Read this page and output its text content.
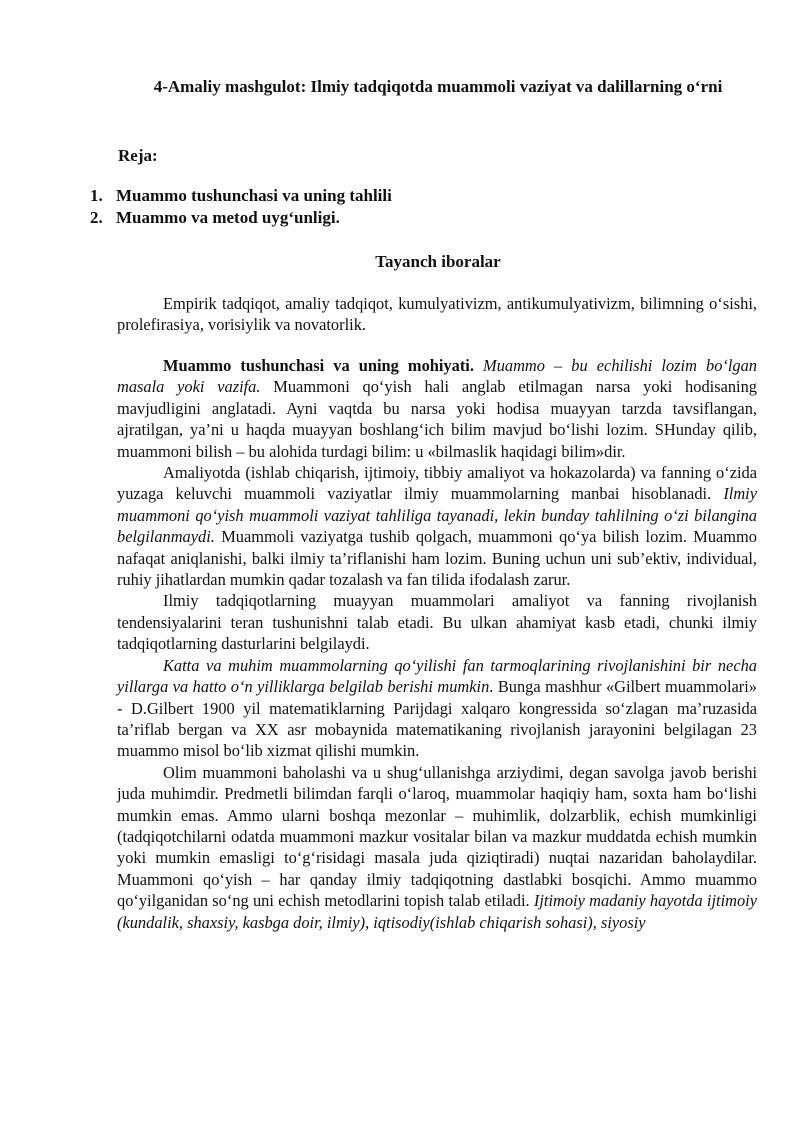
4-Amaliy mashgulot: Ilmiy tadqiqotda muammoli vaziyat va dalillarning o‘rni
Reja:
1. Muammo tushunchasi va uning tahlili
2. Muammo va metod uyg‘unligi.
Tayanch iboralar

Empirik tadqiqot, amaliy tadqiqot, kumulyativizm, antikumulyativizm, bilimning o‘sishi, prolefirasiya, vorisiylik va novatorlik.

Muammo tushunchasi va uning mohiyati. Muammo – bu echilishi lozim bo‘lgan masala yoki vazifa. Muammoni qo‘yish hali anglab etilmagan narsa yoki hodisaning mavjudligini anglatadi. Ayni vaqtda bu narsa yoki hodisa muayyan tarzda tavsiflangan, ajratilgan, ya’ni u haqda muayyan boshlang‘ich bilim mavjud bo‘lishi lozim. SHunday qilib, muammoni bilish – bu alohida turdagi bilim: u «bilmaslik haqidagi bilim»dir.

Amaliyotda (ishlab chiqarish, ijtimoiy, tibbiy amaliyot va hokazolarda) va fanning o‘zida yuzaga keluvchi muammoli vaziyatlar ilmiy muammolarning manbai hisoblanadi. Ilmiy muammoni qo‘yish muammoli vaziyat tahliliga tayanadi, lekin bunday tahlilning o‘zi bilangina belgilanmaydi. Muammoli vaziyatga tushib qolgach, muammoni qo‘ya bilish lozim. Muammo nafaqat aniqlanishi, balki ilmiy ta’riflanishi ham lozim. Buning uchun uni sub’ektiv, individual, ruhiy jihatlardan mumkin qadar tozalash va fan tilida ifodalash zarur.

Ilmiy tadqiqotlarning muayyan muammolari amaliyot va fanning rivojlanish tendensiyalarini teran tushunishni talab etadi. Bu ulkan ahamiyat kasb etadi, chunki ilmiy tadqiqotlarning dasturlarini belgilaydi.

Katta va muhim muammolarning qo‘yilishi fan tarmoqlarining rivojlanishini bir necha yillarga va hatto o‘n yilliklarga belgilab berishi mumkin. Bunga mashhur «Gilbert muammolari» - D.Gilbert 1900 yil matematiklarning Parijdagi xalqaro kongressida so‘zlagan ma’ruzasida ta’riflab bergan va XX asr mobaynida matematikaning rivojlanish jarayonini belgilagan 23 muammo misol bo‘lib xizmat qilishi mumkin.

Olim muammoni baholashi va u shug‘ullanishga arziydimi, degan savolga javob berishi juda muhimdir. Predmetli bilimdan farqli o‘laroq, muammolar haqiqiy ham, soxta ham bo‘lishi mumkin emas. Ammo ularni boshqa mezonlar – muhimlik, dolzarblik, echish mumkinligi (tadqiqotchilarni odatda muammoni mazkur vositalar bilan va mazkur muddatda echish mumkin yoki mumkin emasligi to‘g‘risidagi masala juda qiziqtiradi) nuqtai nazaridan baholaydilar. Muammoni qo‘yish – har qanday ilmiy tadqiqotning dastlabki bosqichi. Ammo muammo qo‘yilganidan so‘ng uni echish metodlarini topish talab etiladi. Ijtimoiy madaniy hayotda ijtimoiy (kundalik, shaxsiy, kasbga doir, ilmiy), iqtisodiy(ishlab chiqarish sohasi), siyosiy
